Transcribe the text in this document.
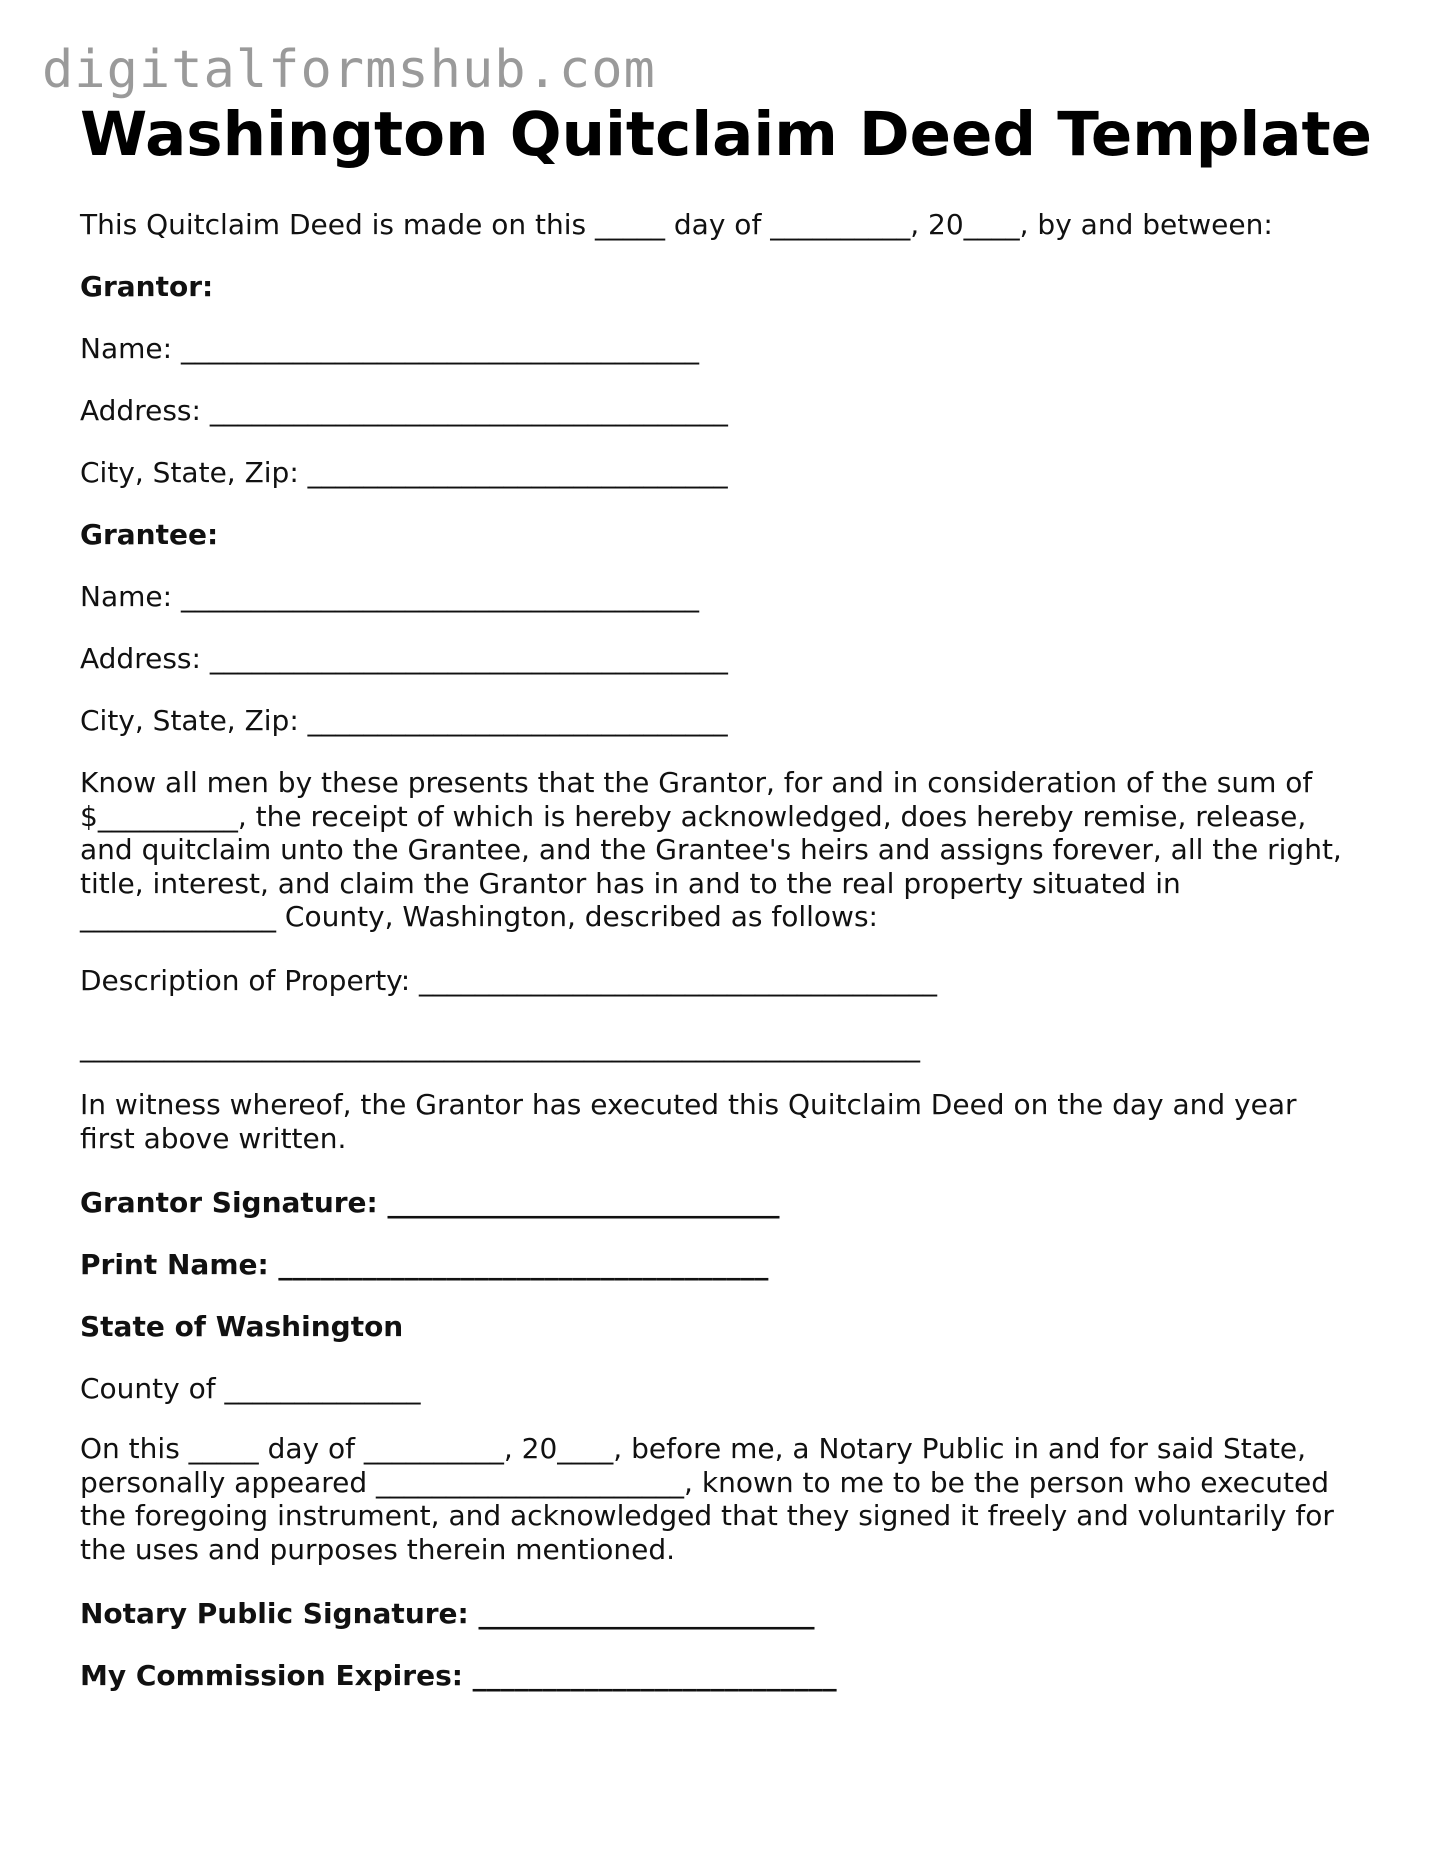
digitalformshub.com
Washington Quitclaim Deed Template
This Quitclaim Deed is made on this _____ day of __________, 20____, by and between:
Grantor:
Name: _____________________________________
Address: _____________________________________
City, State, Zip: ______________________________
Grantee:
Name: _____________________________________
Address: _____________________________________
City, State, Zip: ______________________________
Know all men by these presents that the Grantor, for and in consideration of the sum of
$__________, the receipt of which is hereby acknowledged, does hereby remise, release,
and quitclaim unto the Grantee, and the Grantee's heirs and assigns forever, all the right,
title, interest, and claim the Grantor has in and to the real property situated in
______________ County, Washington, described as follows:
Description of Property: _____________________________________
____________________________________________________________
In witness whereof, the Grantor has executed this Quitclaim Deed on the day and year
first above written.
Grantor Signature: ____________________________
Print Name: ___________________________________
State of Washington
County of ______________
On this _____ day of __________, 20____, before me, a Notary Public in and for said State,
personally appeared ______________________, known to me to be the person who executed
the foregoing instrument, and acknowledged that they signed it freely and voluntarily for
the uses and purposes therein mentioned.
Notary Public Signature: ________________________
My Commission Expires: __________________________
